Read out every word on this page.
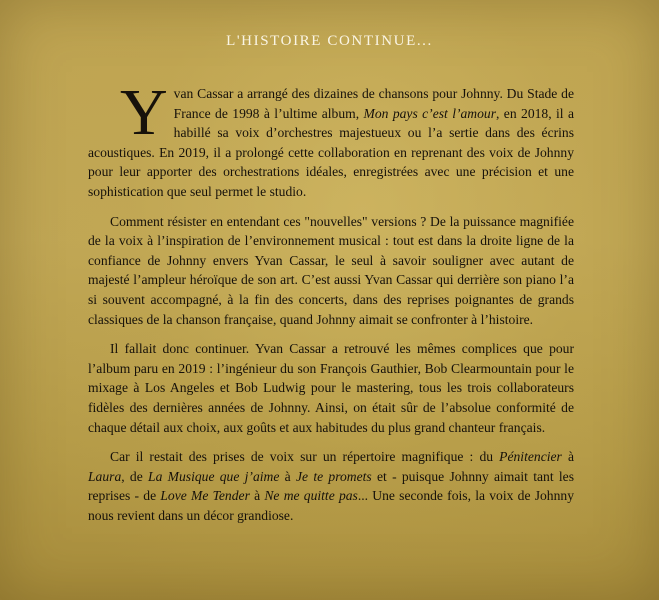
L'HISTOIRE CONTINUE...

Y van Cassar a arrangé des dizaines de chansons pour Johnny. Du Stade de France de 1998 à l’ultime album, Mon pays c’est l’amour, en 2018, il a habillé sa voix d’orchestres majestueux ou l’a sertie dans des écrins acoustiques. En 2019, il a prolongé cette collaboration en reprenant des voix de Johnny pour leur apporter des orchestrations idéales, enregistrées avec une précision et une sophistication que seul permet le studio.

Comment résister en entendant ces "nouvelles" versions ? De la puissance magnifiée de la voix à l’inspiration de l’environnement musical : tout est dans la droite ligne de la confiance de Johnny envers Yvan Cassar, le seul à savoir souligner avec autant de majesté l’ampleur héroïque de son art. C’est aussi Yvan Cassar qui derrière son piano l’a si souvent accompagné, à la fin des concerts, dans des reprises poignantes de grands classiques de la chanson française, quand Johnny aimait se confronter à l’histoire.

Il fallait donc continuer. Yvan Cassar a retrouvé les mêmes complices que pour l’album paru en 2019 : l’ingénieur du son François Gauthier, Bob Clearmountain pour le mixage à Los Angeles et Bob Ludwig pour le mastering, tous les trois collaborateurs fidèles des dernières années de Johnny. Ainsi, on était sûr de l’absolue conformité de chaque détail aux choix, aux goûts et aux habitudes du plus grand chanteur français.

Car il restait des prises de voix sur un répertoire magnifique : du Pénitencier à Laura, de La Musique que j’aime à Je te promets et - puisque Johnny aimait tant les reprises - de Love Me Tender à Ne me quitte pas... Une seconde fois, la voix de Johnny nous revient dans un décor grandiose.
